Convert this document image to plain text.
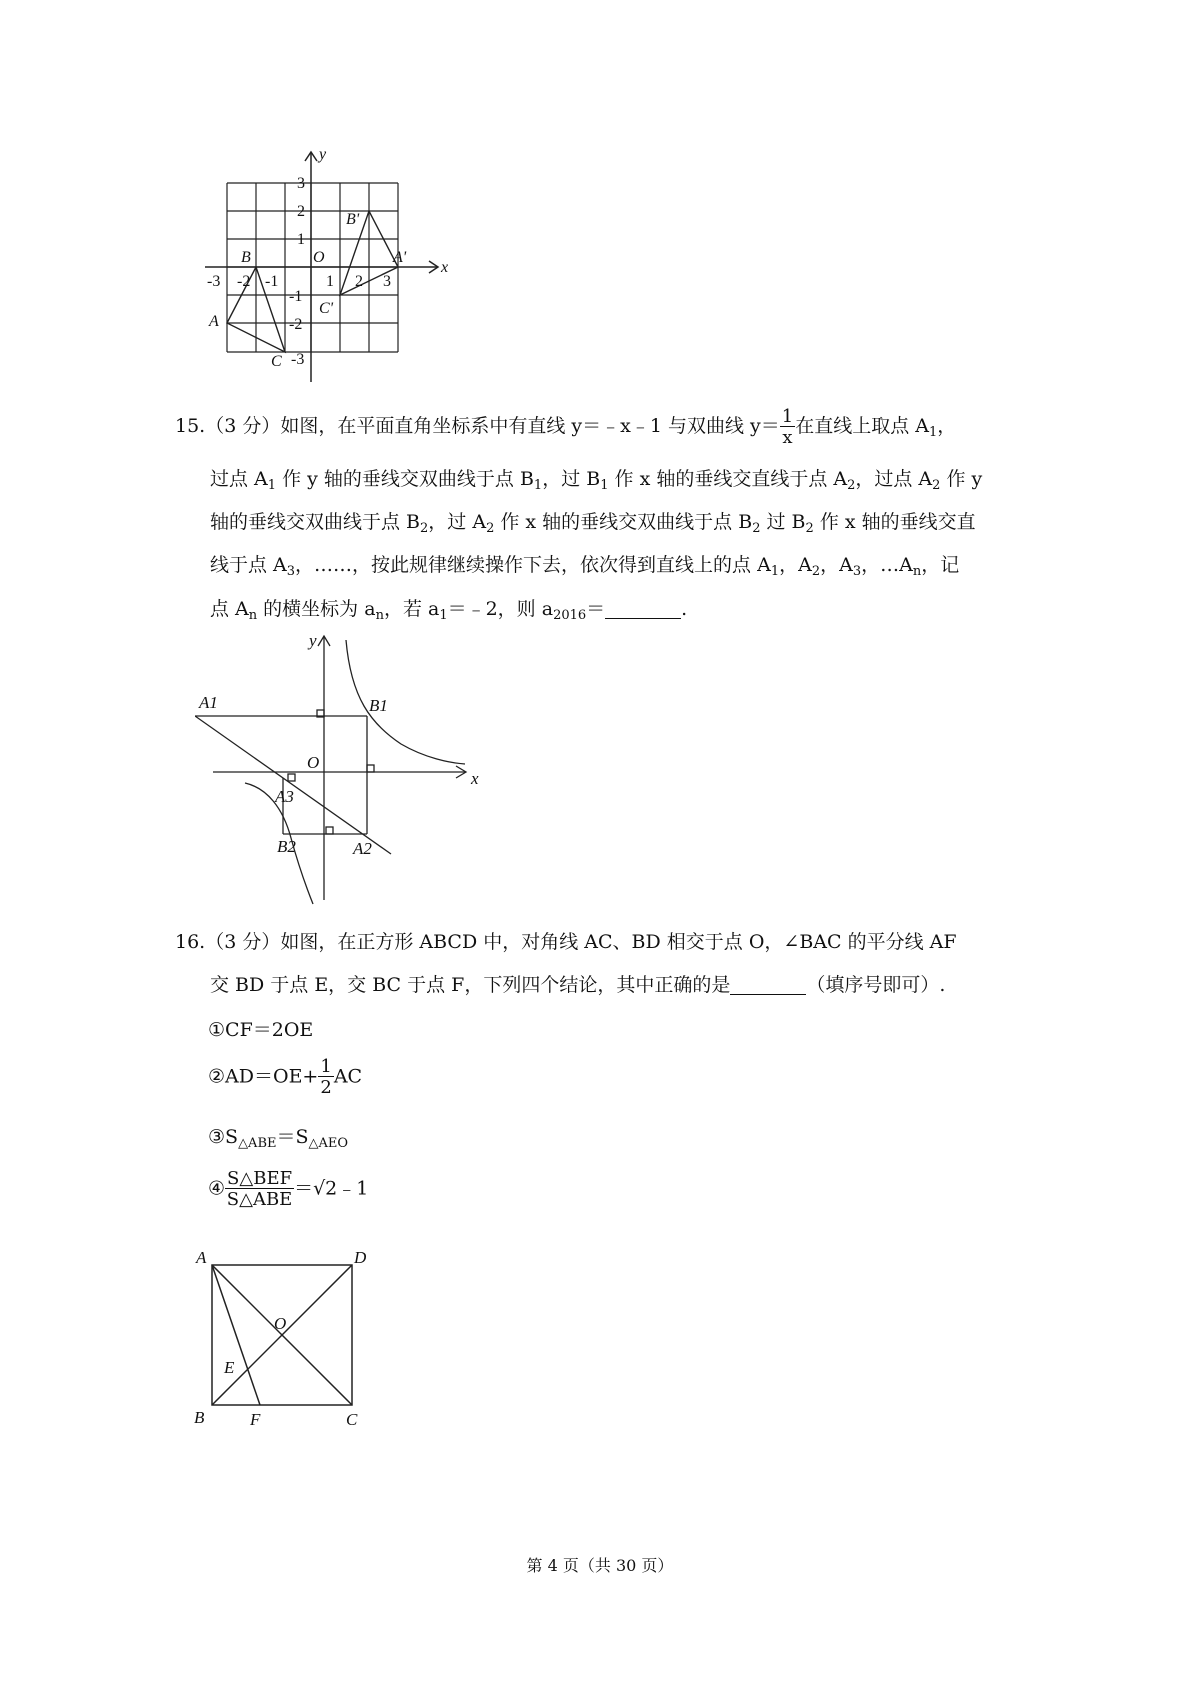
y
x
O
3
2
1
-1
-2
-3
-3 -2 -1	1 2 3
A
B
C
B'
A'
C'
15.（3 分）如图，在平面直角坐标系中有直线 y＝﹣x﹣1 与双曲线 $y= \frac{1}{x}$ 在直线上取点 $A_1$，
过点 $A_1$ 作 y 轴的垂线交双曲线于点 $B_1$，过 $B_1$ 作 x 轴的垂线交直线于点 $A_2$，过点 $A_2$ 作 y
轴的垂线交双曲线于点 $B_2$，过 $A_2$ 作 x 轴的垂线交双曲线于点 $B_2$ 过 $B_2$ 作 x 轴的垂线交直
线于点 $A_3$，……，按此规律继续操作下去，依次得到直线上的点 $A_1$，$A_2$，$A_3$，$\dots A_n$，记
点 $A_n$ 的横坐标为 $a_n$，若 $a_1=﹣2$，则 $a_{2016}=$	.
y
x
O
A1	B1
A3
B2	A2
16.（3 分）如图，在正方形 ABCD 中，对角线 AC、BD 相交于点 O，∠BAC 的平分线 AF
交 BD 于点 E，交 BC 于点 F，下列四个结论，其中正确的是	（填序号即可）.
①CF＝2OE
②AD＝OE+ $\frac{1}{2}$ AC
$③S_{\triangle ABE}=S_{\triangle AEO}$
④ $\frac{\text{S△BEF}}{\text{S△ABE}}$ ＝√2﹣1
A	D
O
E
B	F	C
第 4 页（共 30 页）
